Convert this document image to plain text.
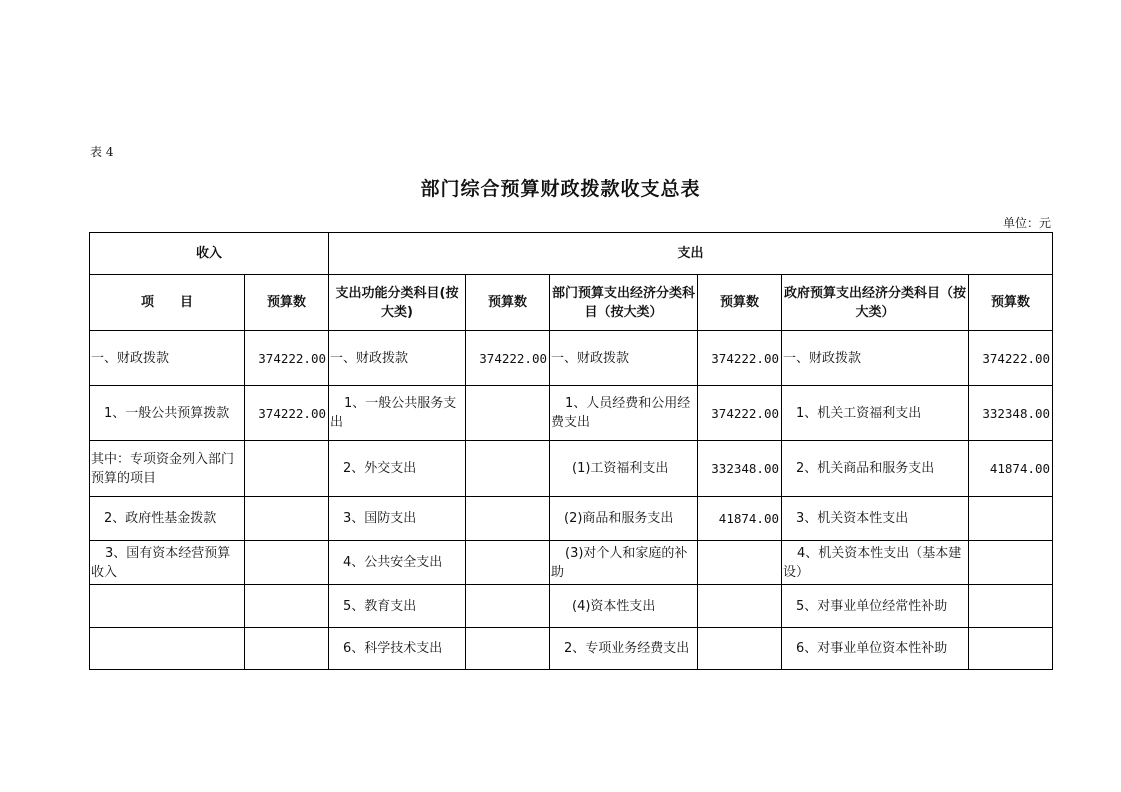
表 4
部门综合预算财政拨款收支总表
单位：元
收入		支出					
项　　目	预算数	支出功能分类科目(按大类)	预算数	部门预算支出经济分类科目（按大类）	预算数	政府预算支出经济分类科目（按大类）	预算数
一、财政拨款	374222.00	一、财政拨款	374222.00	一、财政拨款	374222.00	一、财政拨款	374222.00
1、一般公共预算拨款	374222.00	1、一般公共服务支出		1、人员经费和公用经费支出	374222.00	1、机关工资福利支出	332348.00
其中：专项资金列入部门预算的项目		2、外交支出		(1)工资福利支出	332348.00	2、机关商品和服务支出	41874.00
2、政府性基金拨款		3、国防支出		(2)商品和服务支出	41874.00	3、机关资本性支出	
3、国有资本经营预算收入		4、公共安全支出		(3)对个人和家庭的补助		4、机关资本性支出（基本建设）	
		5、教育支出		(4)资本性支出		5、对事业单位经常性补助	
		6、科学技术支出		2、专项业务经费支出		6、对事业单位资本性补助	
